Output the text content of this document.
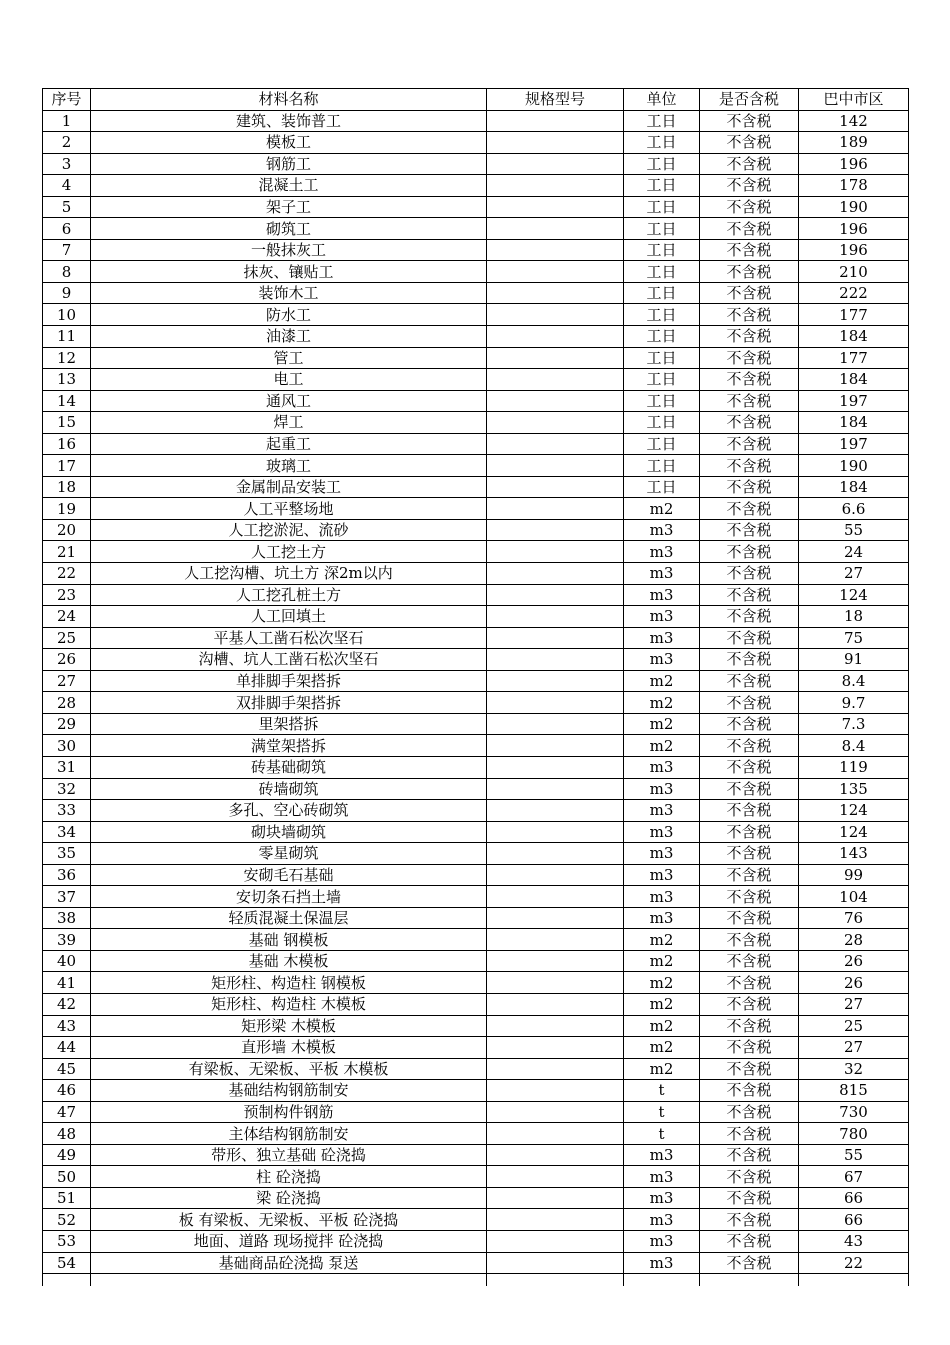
序号	材料名称	规格型号	单位	是否含税	巴中市区
1	建筑、装饰普工		工日	不含税	142
2	模板工		工日	不含税	189
3	钢筋工		工日	不含税	196
4	混凝土工		工日	不含税	178
5	架子工		工日	不含税	190
6	砌筑工		工日	不含税	196
7	一般抹灰工		工日	不含税	196
8	抹灰、镶贴工		工日	不含税	210
9	装饰木工		工日	不含税	222
10	防水工		工日	不含税	177
11	油漆工		工日	不含税	184
12	管工		工日	不含税	177
13	电工		工日	不含税	184
14	通风工		工日	不含税	197
15	焊工		工日	不含税	184
16	起重工		工日	不含税	197
17	玻璃工		工日	不含税	190
18	金属制品安装工		工日	不含税	184
19	人工平整场地		m2	不含税	6.6
20	人工挖淤泥、流砂		m3	不含税	55
21	人工挖土方		m3	不含税	24
22	人工挖沟槽、坑土方 深2m以内		m3	不含税	27
23	人工挖孔桩土方		m3	不含税	124
24	人工回填土		m3	不含税	18
25	平基人工凿石松次坚石		m3	不含税	75
26	沟槽、坑人工凿石松次坚石		m3	不含税	91
27	单排脚手架搭拆		m2	不含税	8.4
28	双排脚手架搭拆		m2	不含税	9.7
29	里架搭拆		m2	不含税	7.3
30	满堂架搭拆		m2	不含税	8.4
31	砖基础砌筑		m3	不含税	119
32	砖墙砌筑		m3	不含税	135
33	多孔、空心砖砌筑		m3	不含税	124
34	砌块墙砌筑		m3	不含税	124
35	零星砌筑		m3	不含税	143
36	安砌毛石基础		m3	不含税	99
37	安切条石挡土墙		m3	不含税	104
38	轻质混凝土保温层		m3	不含税	76
39	基础 钢模板		m2	不含税	28
40	基础 木模板		m2	不含税	26
41	矩形柱、构造柱 钢模板		m2	不含税	26
42	矩形柱、构造柱 木模板		m2	不含税	27
43	矩形梁 木模板		m2	不含税	25
44	直形墙 木模板		m2	不含税	27
45	有梁板、无梁板、平板 木模板		m2	不含税	32
46	基础结构钢筋制安		t	不含税	815
47	预制构件钢筋		t	不含税	730
48	主体结构钢筋制安		t	不含税	780
49	带形、独立基础 砼浇捣		m3	不含税	55
50	柱 砼浇捣		m3	不含税	67
51	梁 砼浇捣		m3	不含税	66
52	板 有梁板、无梁板、平板 砼浇捣		m3	不含税	66
53	地面、道路 现场搅拌 砼浇捣		m3	不含税	43
54	基础商品砼浇捣 泵送		m3	不含税	22
